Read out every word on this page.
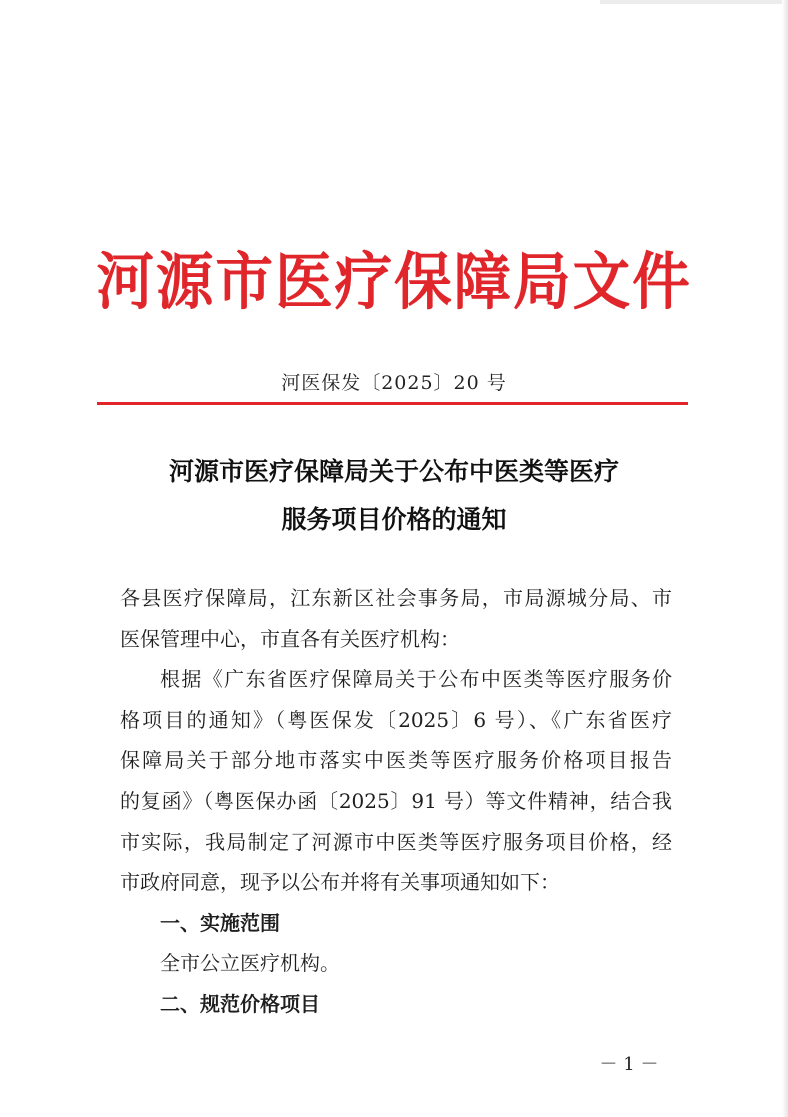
河源市医疗保障局文件
河医保发〔2025〕20 号
河源市医疗保障局关于公布中医类等医疗
服务项目价格的通知

各县医疗保障局，江东新区社会事务局，市局源城分局、市

医保管理中心，市直各有关医疗机构：

根据《广东省医疗保障局关于公布中医类等医疗服务价

格项目的通知》（粤医保发〔2025〕6 号）、《广东省医疗

保障局关于部分地市落实中医类等医疗服务价格项目报告

的复函》（粤医保办函〔2025〕91 号）等文件精神，结合我

市实际，我局制定了河源市中医类等医疗服务项目价格，经

市政府同意，现予以公布并将有关事项通知如下：

一、实施范围

全市公立医疗机构。

二、规范价格项目

－ 1 －
